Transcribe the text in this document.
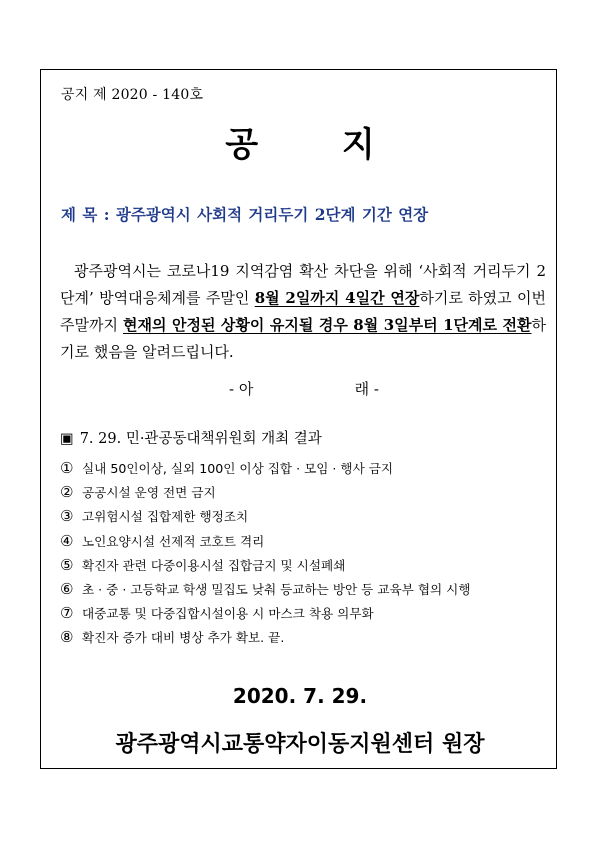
공지 제 2020 - 140호
공 지
제 목 : 광주광역시 사회적 거리두기 2단계 기간 연장
광주광역시는 코로나19 지역감염 확산 차단을 위해 ‘사회적 거리두기 2단계’ 방역대응체계를 주말인 8월 2일까지 4일간 연장하기로 하였고 이번 주말까지 현재의 안정된 상황이 유지될 경우 8월 3일부터 1단계로 전환하기로 했음을 알려드립니다.
- 아	래 -
▣ 7. 29. 민·관공동대책위원회 개최 결과
① 실내 50인이상, 실외 100인 이상 집합 · 모임 · 행사 금지
② 공공시설 운영 전면 금지
③ 고위험시설 집합제한 행정조치
④ 노인요양시설 선제적 코호트 격리
⑤ 확진자 관련 다중이용시설 집합금지 및 시설폐쇄
⑥ 초 · 중 · 고등학교 학생 밀집도 낮춰 등교하는 방안 등 교육부 협의 시행
⑦ 대중교통 및 다중집합시설이용 시 마스크 착용 의무화
⑧ 확진자 증가 대비 병상 추가 확보. 끝.
2020. 7. 29.
광주광역시교통약자이동지원센터 원장
